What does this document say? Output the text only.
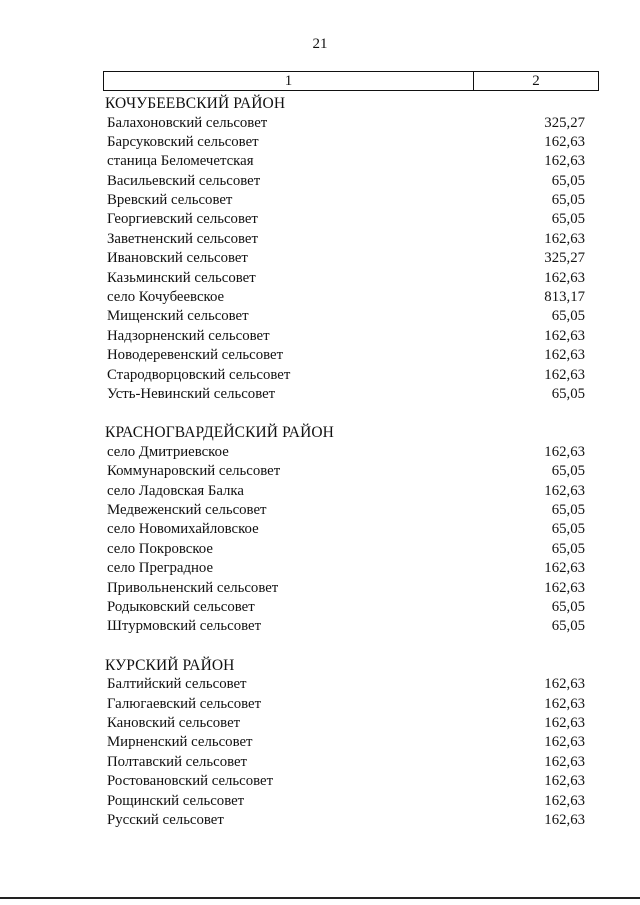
21
1	2
КОЧУБЕЕВСКИЙ РАЙОН
Балахоновский сельсовет	325,27
Барсуковский сельсовет	162,63
станица Беломечетская	162,63
Васильевский сельсовет	65,05
Вревский сельсовет	65,05
Георгиевский сельсовет	65,05
Заветненский сельсовет	162,63
Ивановский сельсовет	325,27
Казьминский сельсовет	162,63
село Кочубеевское	813,17
Мищенский сельсовет	65,05
Надзорненский сельсовет	162,63
Новодеревенский сельсовет	162,63
Стародворцовский сельсовет	162,63
Усть-Невинский сельсовет	65,05
КРАСНОГВАРДЕЙСКИЙ РАЙОН
село Дмитриевское	162,63
Коммунаровский сельсовет	65,05
село Ладовская Балка	162,63
Медвеженский сельсовет	65,05
село Новомихайловское	65,05
село Покровское	65,05
село Преградное	162,63
Привольненский сельсовет	162,63
Родыковский сельсовет	65,05
Штурмовский сельсовет	65,05
КУРСКИЙ РАЙОН
Балтийский сельсовет	162,63
Галюгаевский сельсовет	162,63
Кановский сельсовет	162,63
Мирненский сельсовет	162,63
Полтавский сельсовет	162,63
Ростовановский сельсовет	162,63
Рощинский сельсовет	162,63
Русский сельсовет	162,63
